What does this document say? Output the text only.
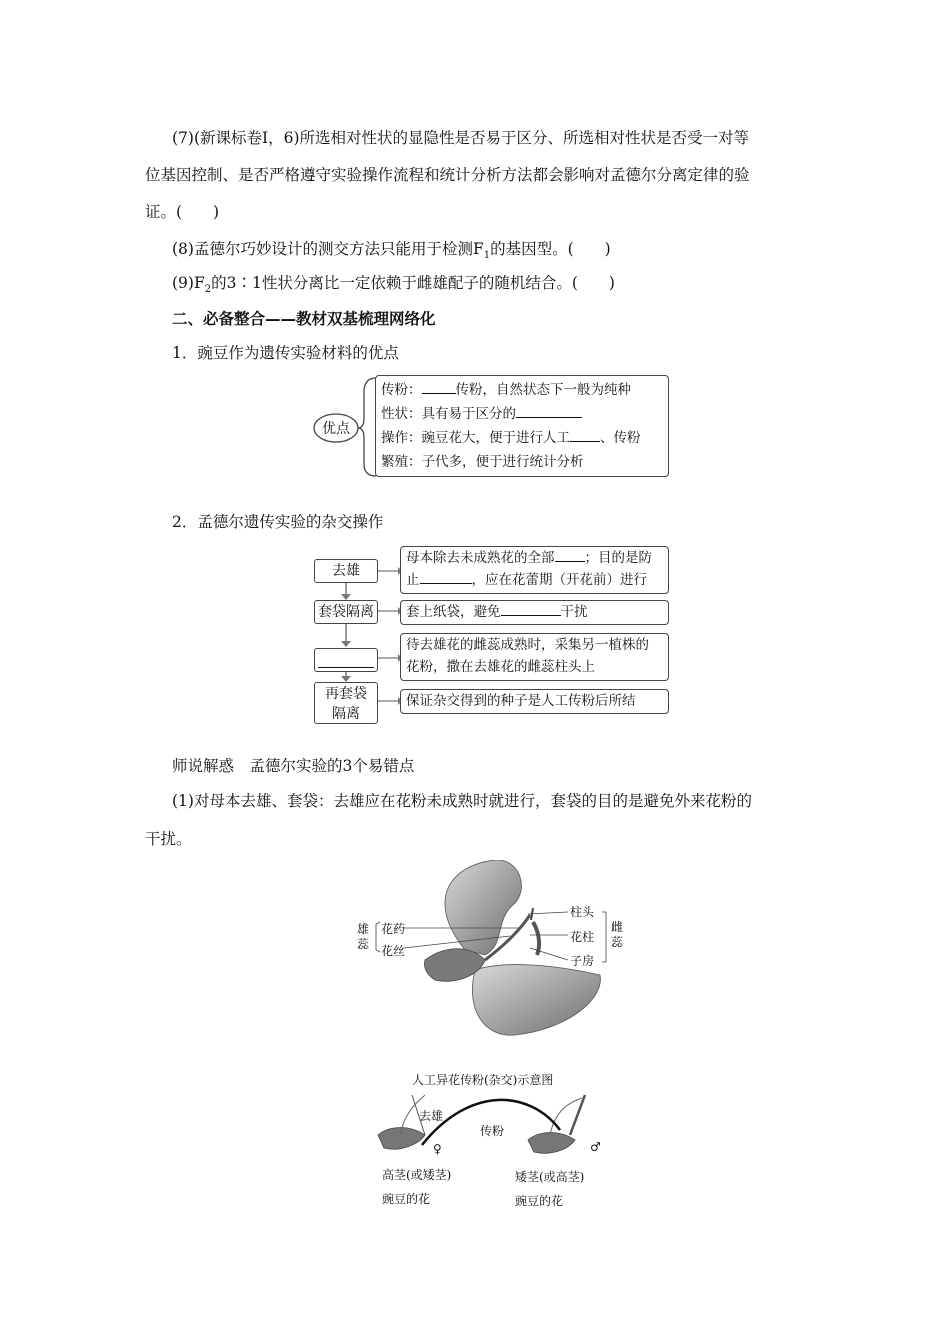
(7)(新课标卷Ⅰ，6)所选相对性状的显隐性是否易于区分、所选相对性状是否受一对等
位基因控制、是否严格遵守实验操作流程和统计分析方法都会影响对孟德尔分离定律的验
证。(　　)
(8)孟德尔巧妙设计的测交方法只能用于检测$F_1$的基因型。(　　)
$(9)F_2$的3∶1性状分离比一定依赖于雌雄配子的随机结合。(　　)
二、必备整合——教材双基梳理网络化
1．豌豆作为遗传实验材料的优点
优点
传粉：	传粉，自然状态下一般为纯种
性状：具有易于区分的
操作：豌豆花大，便于进行人工 、传粉
繁殖：子代多，便于进行统计分析
2．孟德尔遗传实验的杂交操作
去雄
套袋隔离
再套袋
隔离
母本除去未成熟花的全部 ；目的是防
止	，应在花蕾期（开花前）进行
套上纸袋，避免	干扰
待去雄花的雌蕊成熟时，采集另一植株的
花粉，撒在去雄花的雌蕊柱头上
保证杂交得到的种子是人工传粉后所结
师说解惑　孟德尔实验的3个易错点
(1)对母本去雄、套袋：去雄应在花粉未成熟时就进行，套袋的目的是避免外来花粉的
干扰。
雄蕊
雌蕊
花药
花丝
柱头
花柱
子房
人工异花传粉(杂交)示意图
去雄
传粉
♀	♂
高茎(或矮茎)
豌豆的花
矮茎(或高茎)
豌豆的花
